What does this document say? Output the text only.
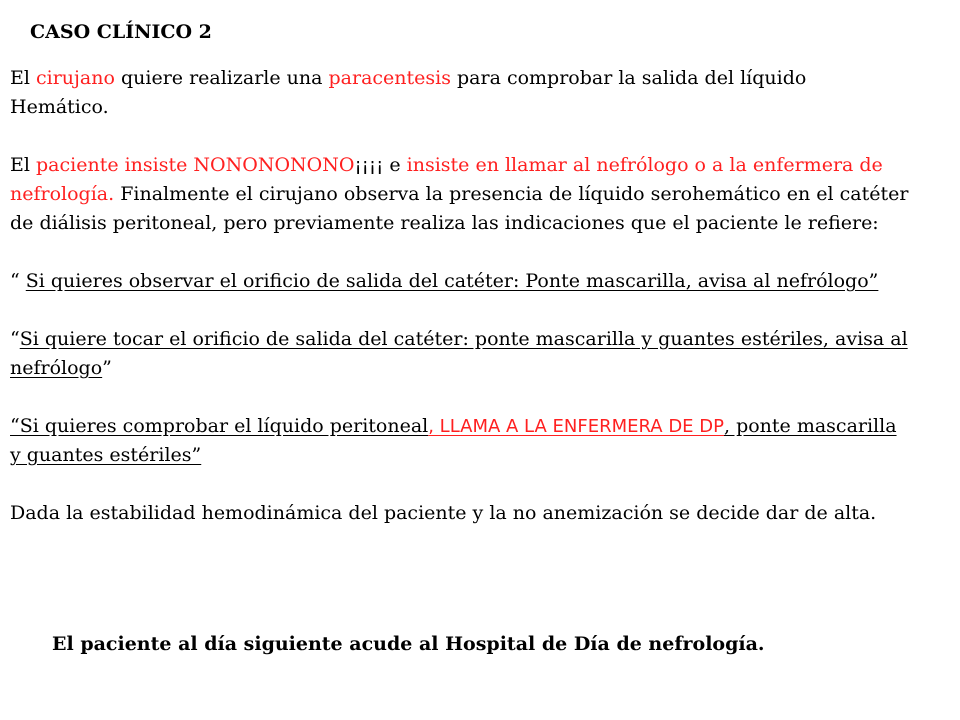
CASO CLÍNICO 2

El cirujano quiere realizarle una paracentesis para comprobar la salida del líquido Hemático.

El paciente insiste NONONONONO¡¡¡¡ e insiste en llamar al nefrólogo o a la enfermera de nefrología. Finalmente el cirujano observa la presencia de líquido serohemático en el catéter de diálisis peritoneal, pero previamente realiza las indicaciones que el paciente le refiere:

“ Si quieres observar el orificio de salida del catéter: Ponte mascarilla, avisa al nefrólogo”

“Si quiere tocar el orificio de salida del catéter: ponte mascarilla y guantes estériles, avisa al nefrólogo”

“Si quieres comprobar el líquido peritoneal, LLAMA A LA ENFERMERA DE DP, ponte mascarilla y guantes estériles”

Dada la estabilidad hemodinámica del paciente y la no anemización se decide dar de alta.

El paciente al día siguiente acude al Hospital de Día de nefrología.
